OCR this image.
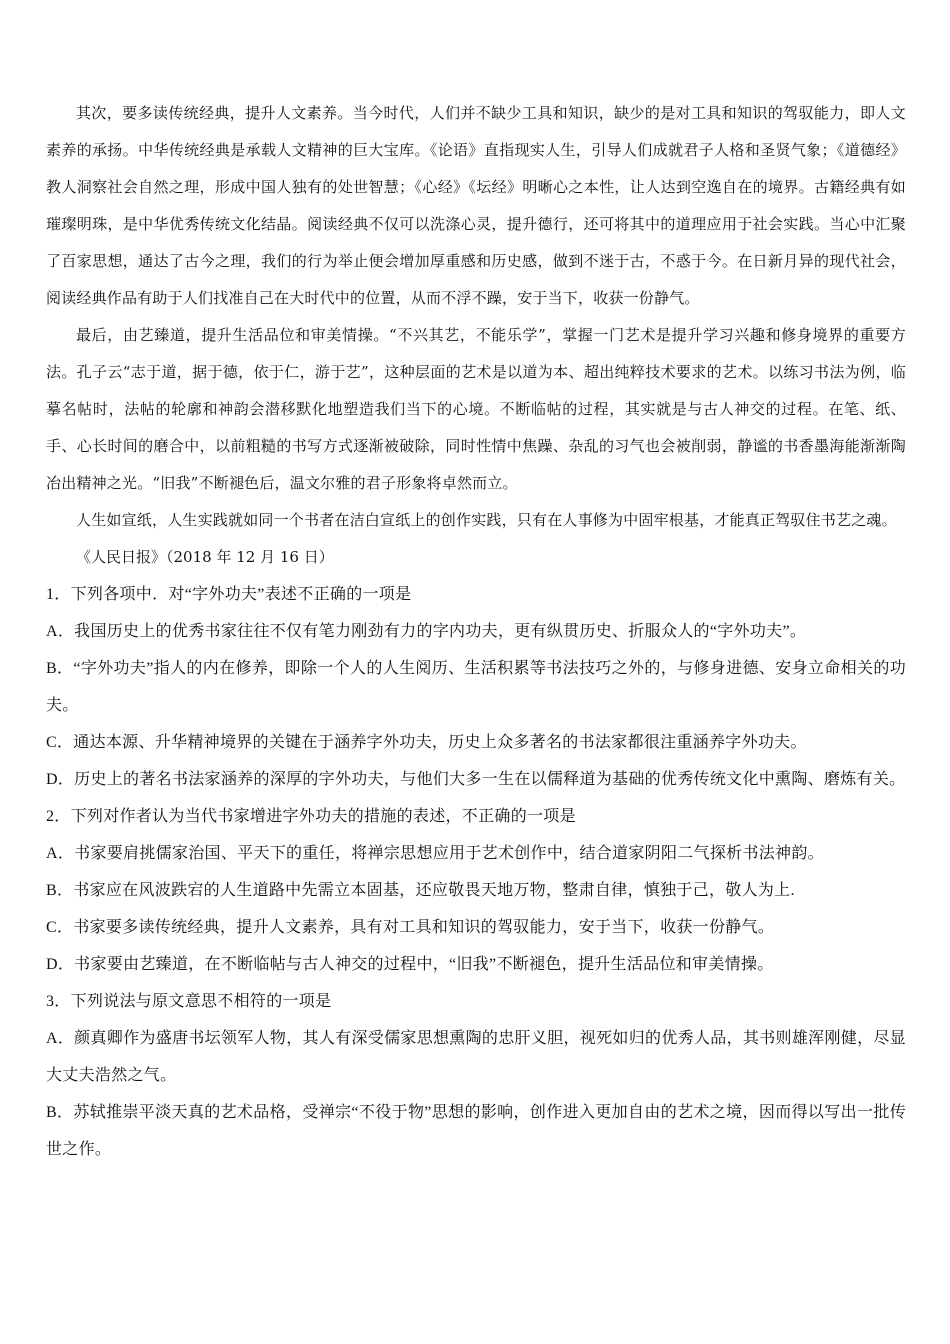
其次，要多读传统经典，提升人文素养。当今时代，人们并不缺少工具和知识，缺少的是对工具和知识的驾驭能力，即人文素养的承扬。中华传统经典是承载人文精神的巨大宝库。《论语》直指现实人生，引导人们成就君子人格和圣贤气象；《道德经》教人洞察社会自然之理，形成中国人独有的处世智慧；《心经》《坛经》明晰心之本性，让人达到空逸自在的境界。古籍经典有如璀璨明珠，是中华优秀传统文化结晶。阅读经典不仅可以洗涤心灵，提升德行，还可将其中的道理应用于社会实践。当心中汇聚了百家思想，通达了古今之理，我们的行为举止便会增加厚重感和历史感，做到不迷于古，不惑于今。在日新月异的现代社会，阅读经典作品有助于人们找准自己在大时代中的位置，从而不浮不躁，安于当下，收获一份静气。

最后，由艺臻道，提升生活品位和审美情操。“不兴其艺，不能乐学”，掌握一门艺术是提升学习兴趣和修身境界的重要方法。孔子云“志于道，据于德，依于仁，游于艺”，这种层面的艺术是以道为本、超出纯粹技术要求的艺术。以练习书法为例，临摹名帖时，法帖的轮廓和神韵会潜移默化地塑造我们当下的心境。不断临帖的过程，其实就是与古人神交的过程。在笔、纸、手、心长时间的磨合中，以前粗糙的书写方式逐渐被破除，同时性情中焦躁、杂乱的习气也会被削弱，静谧的书香墨海能渐渐陶冶出精神之光。“旧我”不断褪色后，温文尔雅的君子形象将卓然而立。

人生如宣纸，人生实践就如同一个书者在洁白宣纸上的创作实践，只有在人事修为中固牢根基，才能真正驾驭住书艺之魂。

《人民日报》（2018 年 12 月 16 日）

1．下列各项中．对“字外功夫”表述不正确的一项是

A．我国历史上的优秀书家往往不仅有笔力刚劲有力的字内功夫，更有纵贯历史、折服众人的“字外功夫”。

B．“字外功夫”指人的内在修养，即除一个人的人生阅历、生活积累等书法技巧之外的，与修身进德、安身立命相关的功夫。

C．通达本源、升华精神境界的关键在于涵养字外功夫，历史上众多著名的书法家都很注重涵养字外功夫。

D．历史上的著名书法家涵养的深厚的字外功夫，与他们大多一生在以儒释道为基础的优秀传统文化中熏陶、磨炼有关。

2．下列对作者认为当代书家增进字外功夫的措施的表述，不正确的一项是

A．书家要肩挑儒家治国、平天下的重任，将禅宗思想应用于艺术创作中，结合道家阴阳二气探析书法神韵。

B．书家应在风波跌宕的人生道路中先需立本固基，还应敬畏天地万物，整肃自律，慎独于己，敬人为上.

C．书家要多读传统经典，提升人文素养，具有对工具和知识的驾驭能力，安于当下，收获一份静气。

D．书家要由艺臻道，在不断临帖与古人神交的过程中，“旧我”不断褪色，提升生活品位和审美情操。

3．下列说法与原文意思不相符的一项是

A．颜真卿作为盛唐书坛领军人物，其人有深受儒家思想熏陶的忠肝义胆，视死如归的优秀人品，其书则雄浑刚健，尽显大丈夫浩然之气。

B．苏轼推崇平淡天真的艺术品格，受禅宗“不役于物”思想的影响，创作进入更加自由的艺术之境，因而得以写出一批传世之作。
